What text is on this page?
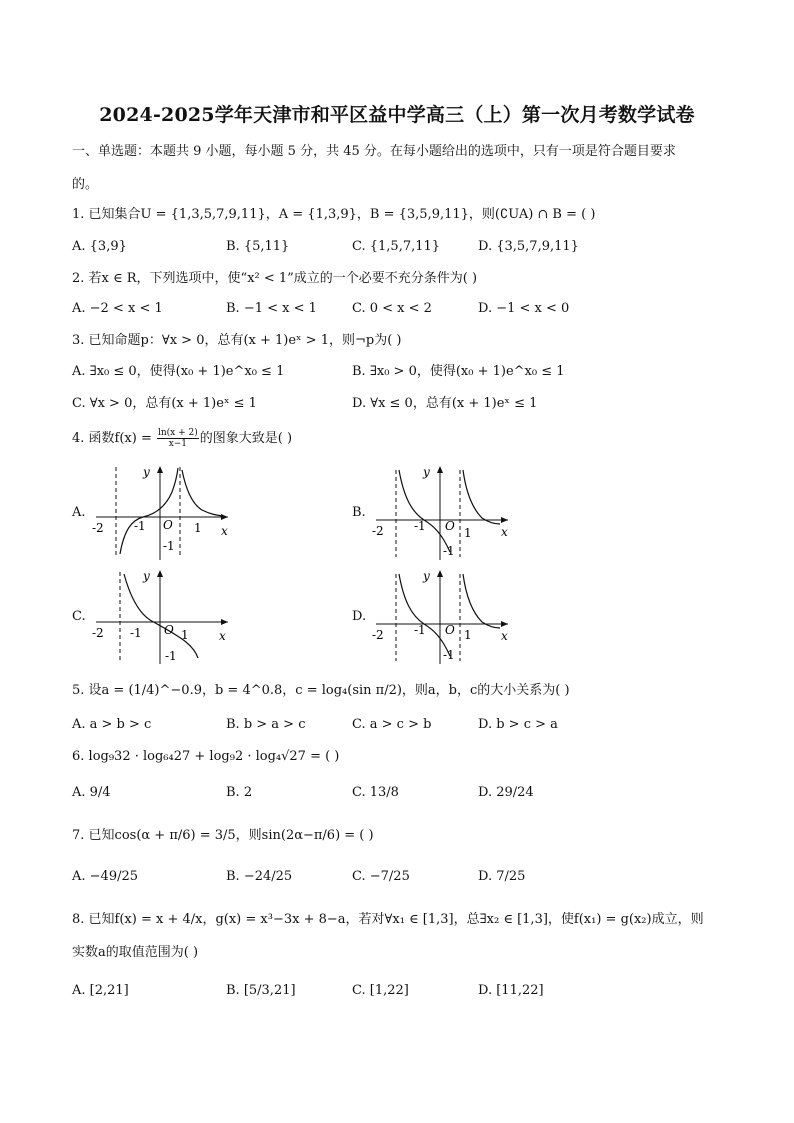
2024-2025学年天津市和平区益中学高三（上）第一次月考数学试卷
一、单选题：本题共 9 小题，每小题 5 分，共 45 分。在每小题给出的选项中，只有一项是符合题目要求
的。
1. 已知集合U = {1,3,5,7,9,11}，A = {1,3,9}，B = {3,5,9,11}，则(∁UA) ∩ B = ( )
A. {3,9}	B. {5,11}	C. {1,5,7,11}	D. {3,5,7,9,11}
2. 若x ∈ R，下列选项中，使“x² < 1”成立的一个必要不充分条件为( )
A. −2 < x < 1	B. −1 < x < 1	C. 0 < x < 2	D. −1 < x < 0
3. 已知命题p：∀x > 0，总有(x + 1)eˣ > 1，则¬p为( )
A. ∃x₀ ≤ 0，使得(x₀ + 1)e^x₀ ≤ 1	B. ∃x₀ > 0，使得(x₀ + 1)e^x₀ ≤ 1
C. ∀x > 0，总有(x + 1)eˣ ≤ 1	D. ∀x ≤ 0，总有(x + 1)eˣ ≤ 1
4. 函数$f(x) = \frac{\ln(x + 2)}{x-1}$ 的图象大致是( )
A.	B.
C.	D.
y
x
-2	-1 O 1
-1
y
x
-2	-1 O 1
-1
y
x
-2 -1 O 1
-1
y
x
-2	-1 O 1
-1
5. 设a = (1/4)^−0.9，b = 4^0.8，c = log₄(sin π/2)，则a，b，c的大小关系为( )
A. a > b > c	B. b > a > c	C. a > c > b	D. b > c > a
6. log₉32 · log₆₄27 + log₉2 · log₄√27 = ( )
A. 9/4	B. 2	C. 13/8	D. 29/24
7. 已知cos(α + π/6) = 3/5，则sin(2α−π/6) = ( )
A. −49/25	B. −24/25	C. −7/25	D. 7/25
8. 已知f(x) = x + 4/x，g(x) = x³−3x + 8−a，若对∀x₁ ∈ [1,3]，总∃x₂ ∈ [1,3]，使f(x₁) = g(x₂)成立，则
实数a的取值范围为( )
A. [2,21]	B. [5/3,21]	C. [1,22]	D. [11,22]
